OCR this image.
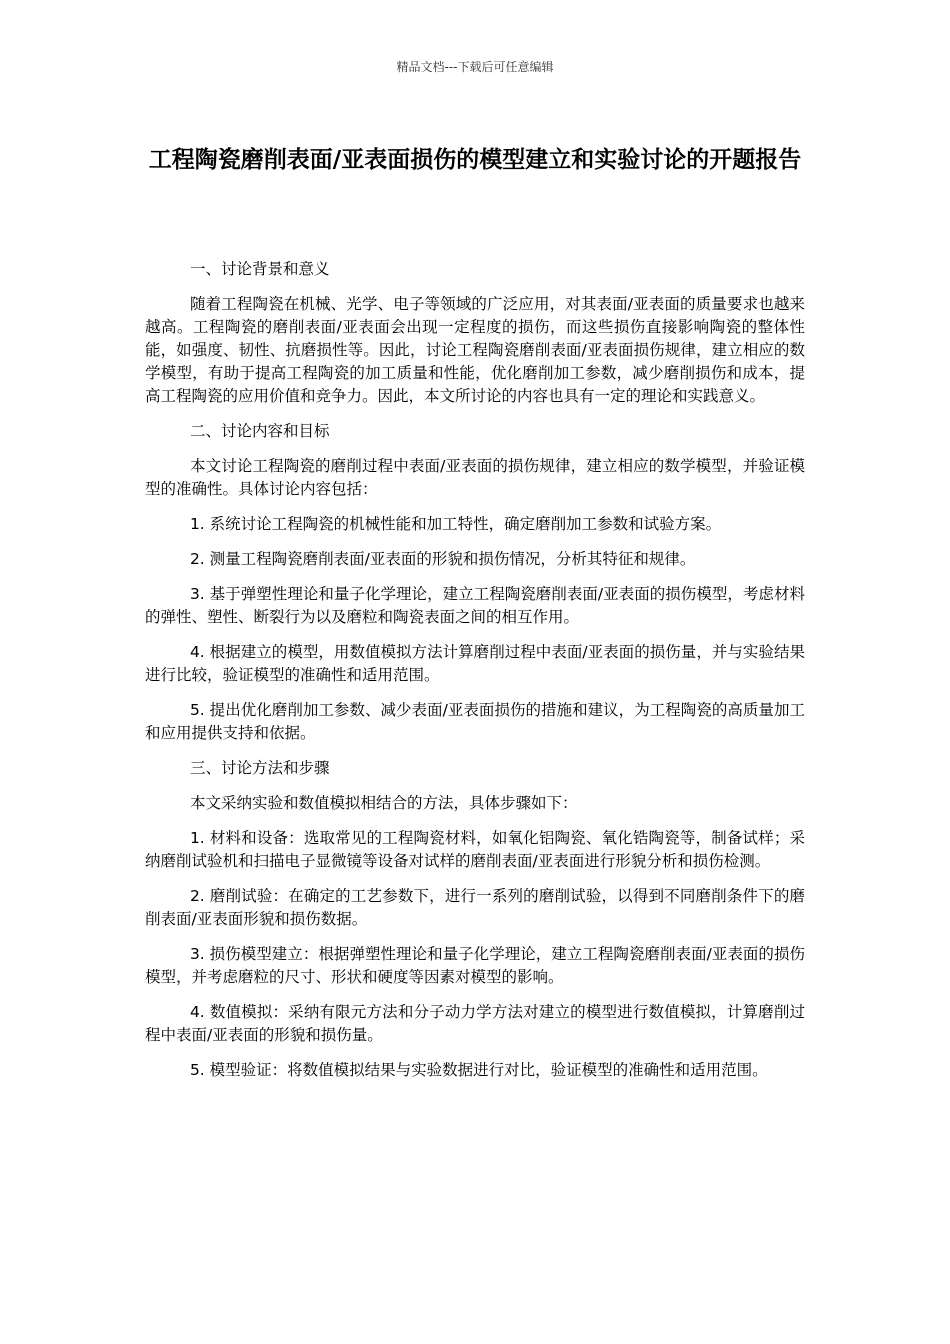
精品文档---下载后可任意编辑
工程陶瓷磨削表面/亚表面损伤的模型建立和实验讨论的开题报告

一、讨论背景和意义

随着工程陶瓷在机械、光学、电子等领域的广泛应用，对其表面/亚表面的质量要求也越来越高。工程陶瓷的磨削表面/亚表面会出现一定程度的损伤，而这些损伤直接影响陶瓷的整体性能，如强度、韧性、抗磨损性等。因此，讨论工程陶瓷磨削表面/亚表面损伤规律，建立相应的数学模型，有助于提高工程陶瓷的加工质量和性能，优化磨削加工参数，减少磨削损伤和成本，提高工程陶瓷的应用价值和竞争力。因此，本文所讨论的内容也具有一定的理论和实践意义。

二、讨论内容和目标

本文讨论工程陶瓷的磨削过程中表面/亚表面的损伤规律，建立相应的数学模型，并验证模型的准确性。具体讨论内容包括：

1. 系统讨论工程陶瓷的机械性能和加工特性，确定磨削加工参数和试验方案。

2. 测量工程陶瓷磨削表面/亚表面的形貌和损伤情况，分析其特征和规律。

3. 基于弹塑性理论和量子化学理论，建立工程陶瓷磨削表面/亚表面的损伤模型，考虑材料的弹性、塑性、断裂行为以及磨粒和陶瓷表面之间的相互作用。

4. 根据建立的模型，用数值模拟方法计算磨削过程中表面/亚表面的损伤量，并与实验结果进行比较，验证模型的准确性和适用范围。

5. 提出优化磨削加工参数、减少表面/亚表面损伤的措施和建议，为工程陶瓷的高质量加工和应用提供支持和依据。

三、讨论方法和步骤

本文采纳实验和数值模拟相结合的方法，具体步骤如下：

1. 材料和设备：选取常见的工程陶瓷材料，如氧化铝陶瓷、氧化锆陶瓷等，制备试样；采纳磨削试验机和扫描电子显微镜等设备对试样的磨削表面/亚表面进行形貌分析和损伤检测。

2. 磨削试验：在确定的工艺参数下，进行一系列的磨削试验，以得到不同磨削条件下的磨削表面/亚表面形貌和损伤数据。

3. 损伤模型建立：根据弹塑性理论和量子化学理论，建立工程陶瓷磨削表面/亚表面的损伤模型，并考虑磨粒的尺寸、形状和硬度等因素对模型的影响。

4. 数值模拟：采纳有限元方法和分子动力学方法对建立的模型进行数值模拟，计算磨削过程中表面/亚表面的形貌和损伤量。

5. 模型验证：将数值模拟结果与实验数据进行对比，验证模型的准确性和适用范围。
